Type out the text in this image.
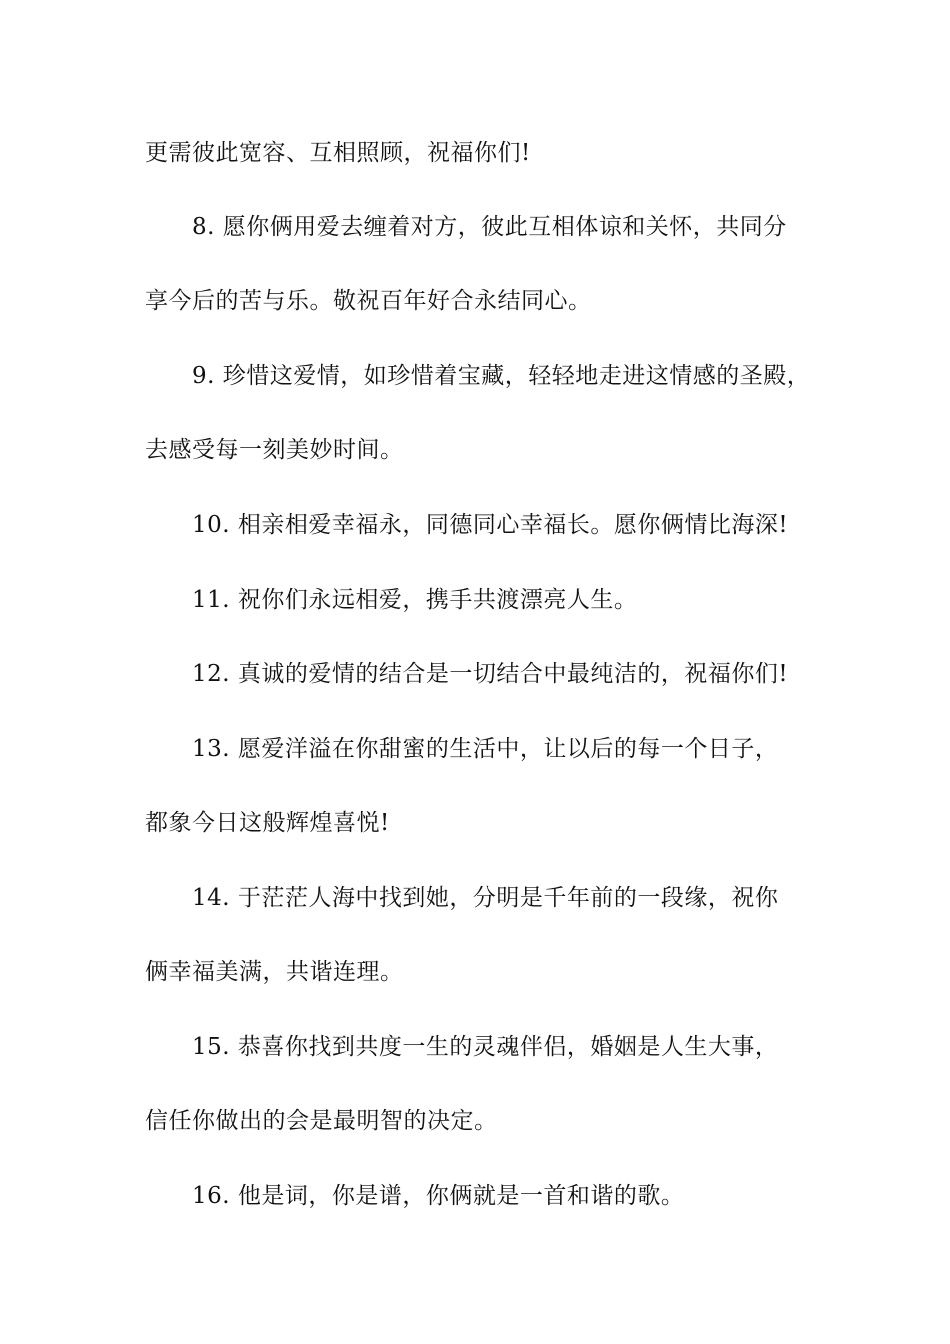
更需彼此宽容、互相照顾，祝福你们!
8. 愿你俩用爱去缠着对方，彼此互相体谅和关怀，共同分
享今后的苦与乐。敬祝百年好合永结同心。
9. 珍惜这爱情，如珍惜着宝藏，轻轻地走进这情感的圣殿，
去感受每一刻美妙时间。
10. 相亲相爱幸福永，同德同心幸福长。愿你俩情比海深!
11. 祝你们永远相爱，携手共渡漂亮人生。
12. 真诚的爱情的结合是一切结合中最纯洁的，祝福你们!
13. 愿爱洋溢在你甜蜜的生活中，让以后的每一个日子，
都象今日这般辉煌喜悦!
14. 于茫茫人海中找到她，分明是千年前的一段缘，祝你
俩幸福美满，共谐连理。
15. 恭喜你找到共度一生的灵魂伴侣，婚姻是人生大事，
信任你做出的会是最明智的决定。
16. 他是词，你是谱，你俩就是一首和谐的歌。
